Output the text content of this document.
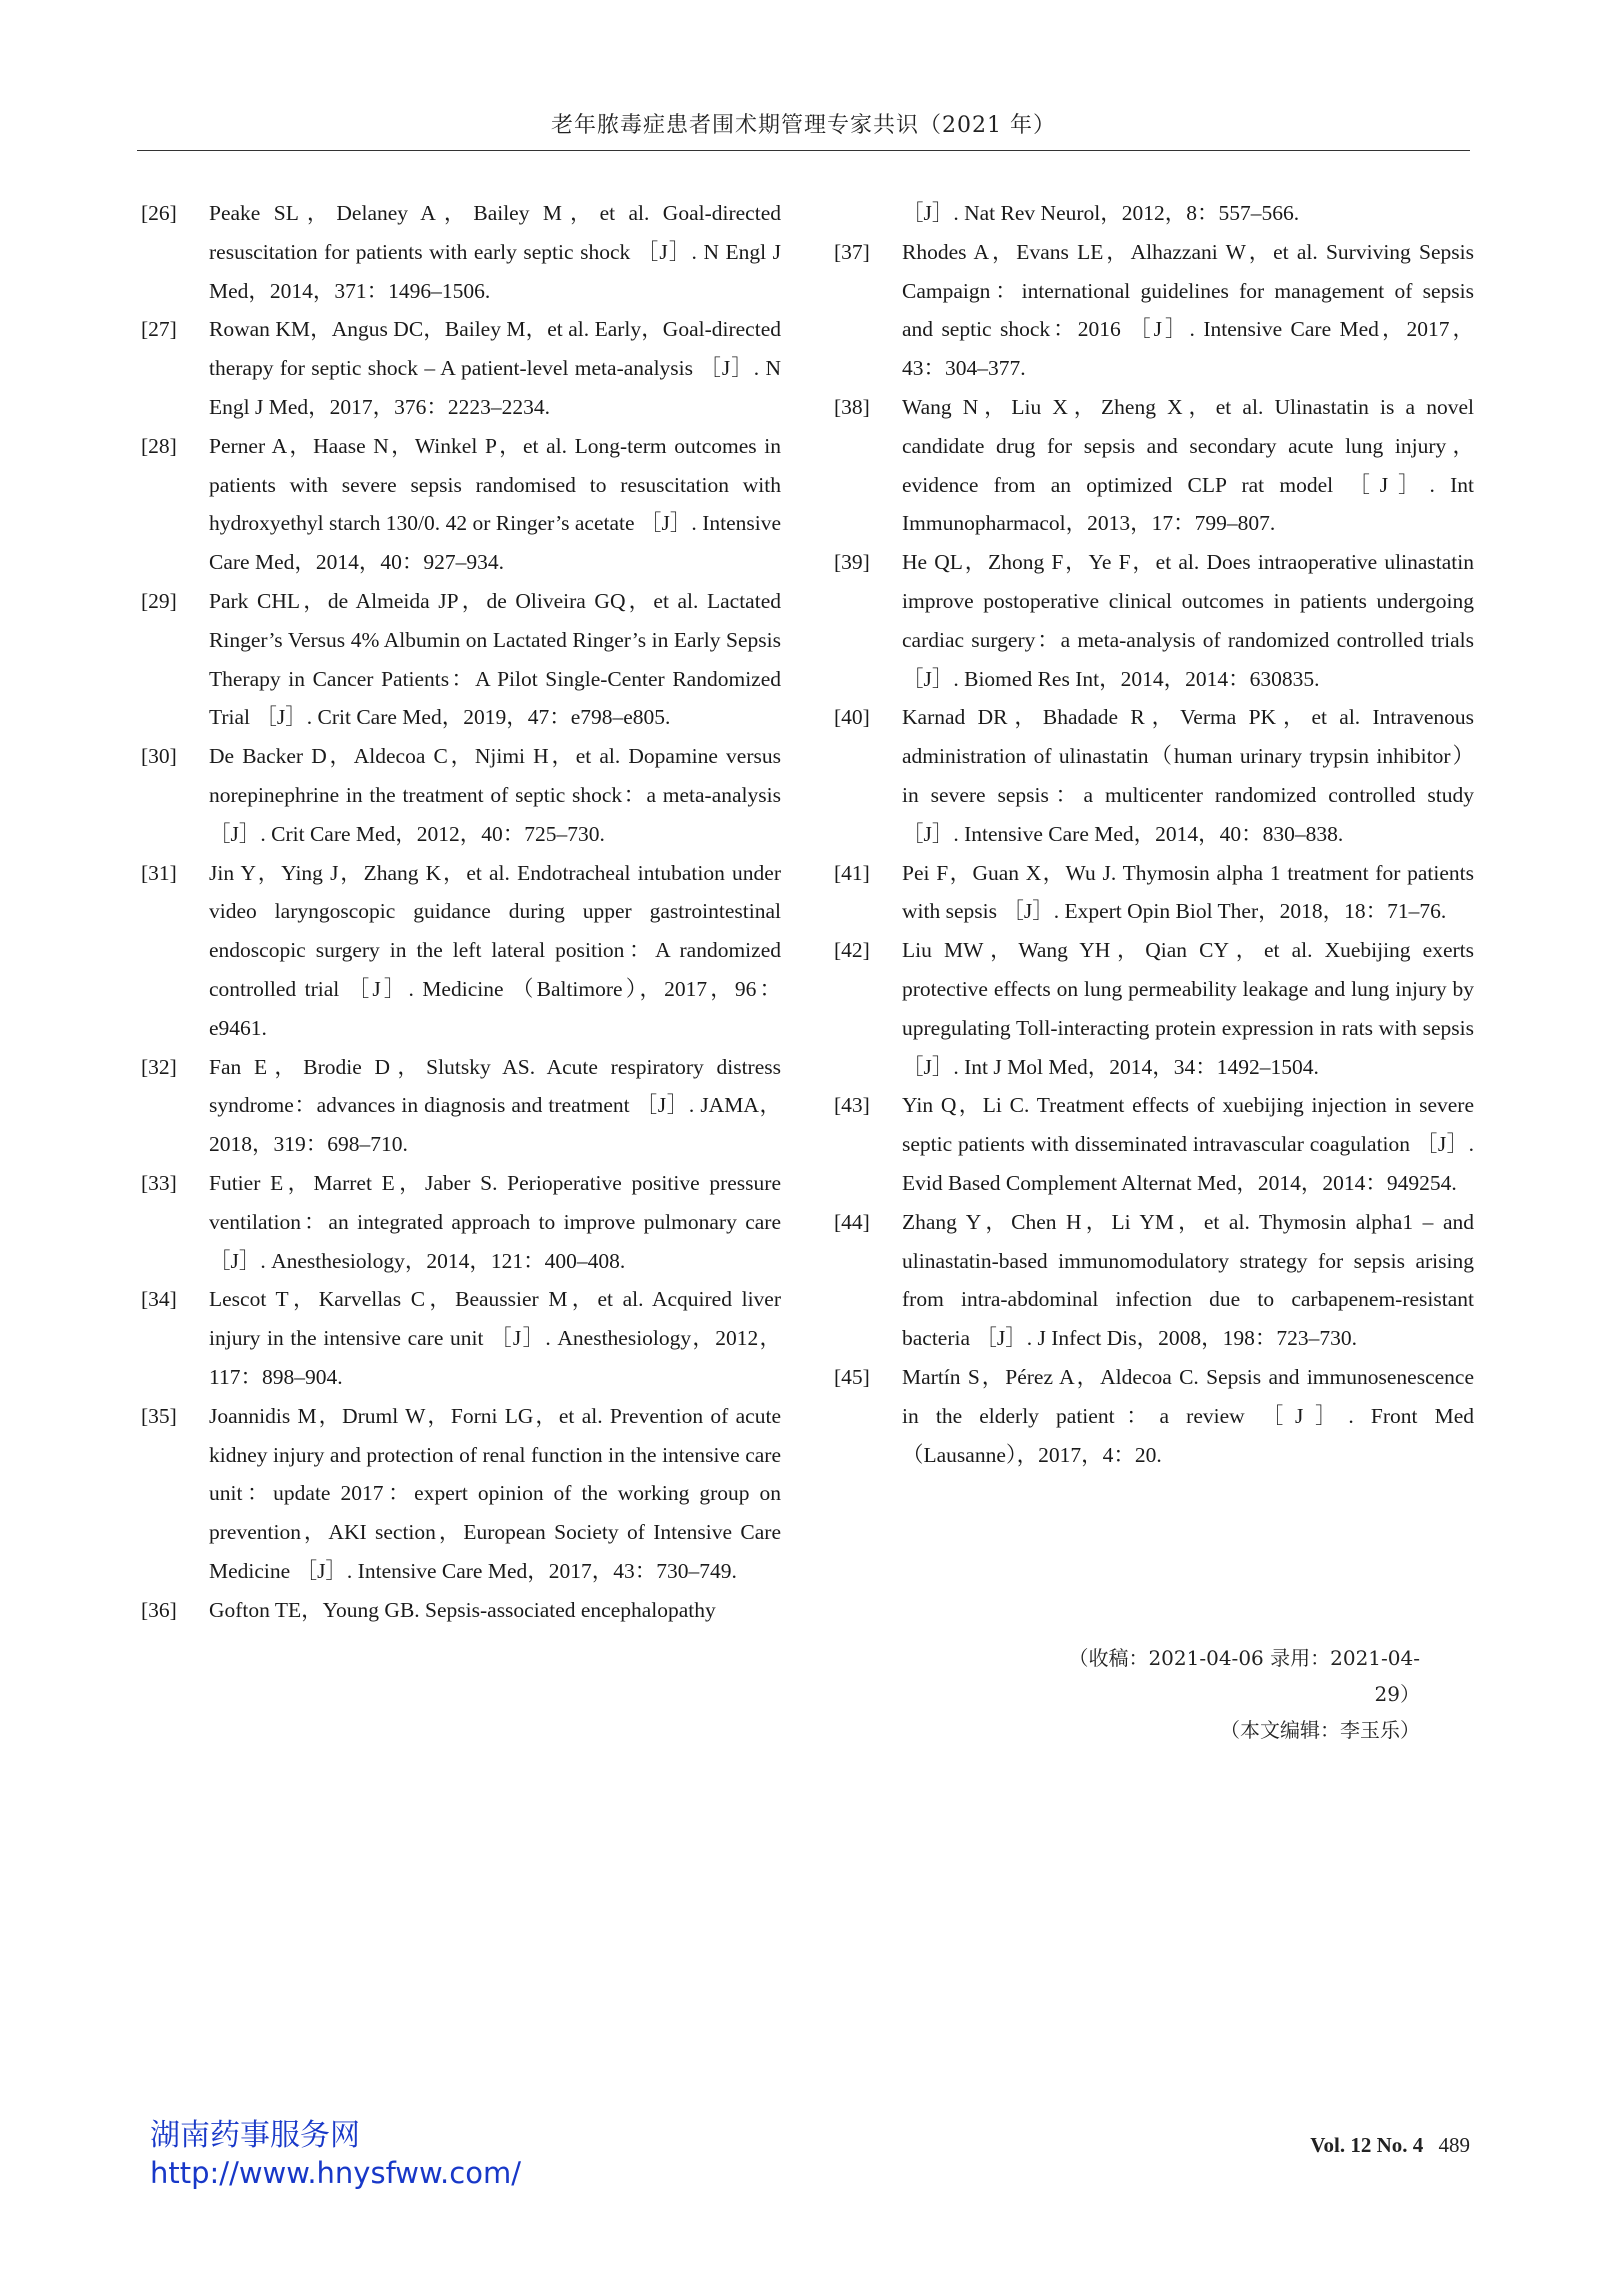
老年脓毒症患者围术期管理专家共识（2021 年）

[26] Peake SL，Delaney A，Bailey M，et al. Goal-directed resuscitation for patients with early septic shock ［J］. N Engl J Med，2014，371：1496–1506.

[27] Rowan KM，Angus DC，Bailey M，et al. Early，Goal-directed therapy for septic shock – A patient-level meta-analysis ［J］. N Engl J Med，2017，376：2223–2234.

[28] Perner A，Haase N，Winkel P，et al. Long-term outcomes in patients with severe sepsis randomised to resuscitation with hydroxyethyl starch 130/0. 42 or Ringer’s acetate ［J］. Intensive Care Med，2014，40：927–934.

[29] Park CHL，de Almeida JP，de Oliveira GQ，et al. Lactated Ringer’s Versus 4% Albumin on Lactated Ringer’s in Early Sepsis Therapy in Cancer Patients：A Pilot Single-Center Randomized Trial ［J］. Crit Care Med，2019，47：e798–e805.

[30] De Backer D，Aldecoa C，Njimi H，et al. Dopamine versus norepinephrine in the treatment of septic shock：a meta-analysis ［J］. Crit Care Med，2012，40：725–730.

[31] Jin Y，Ying J，Zhang K，et al. Endotracheal intubation under video laryngoscopic guidance during upper gastrointestinal endoscopic surgery in the left lateral position：A randomized controlled trial ［J］. Medicine （Baltimore），2017，96：e9461.

[32] Fan E，Brodie D，Slutsky AS. Acute respiratory distress syndrome：advances in diagnosis and treatment ［J］. JAMA，2018，319：698–710.

[33] Futier E，Marret E，Jaber S. Perioperative positive pressure ventilation：an integrated approach to improve pulmonary care ［J］. Anesthesiology，2014，121：400–408.

[34] Lescot T，Karvellas C，Beaussier M，et al. Acquired liver injury in the intensive care unit ［J］. Anesthesiology，2012，117：898–904.

[35] Joannidis M，Druml W，Forni LG，et al. Prevention of acute kidney injury and protection of renal function in the intensive care unit：update 2017：expert opinion of the working group on prevention，AKI section，European Society of Intensive Care Medicine ［J］. Intensive Care Med，2017，43：730–749.

[36] Gofton TE，Young GB. Sepsis-associated encephalopathy

［J］. Nat Rev Neurol，2012，8：557–566.

[37] Rhodes A，Evans LE，Alhazzani W，et al. Surviving Sepsis Campaign：international guidelines for management of sepsis and septic shock：2016 ［J］. Intensive Care Med，2017，43：304–377.

[38] Wang N，Liu X，Zheng X，et al. Ulinastatin is a novel candidate drug for sepsis and secondary acute lung injury，evidence from an optimized CLP rat model ［J］. Int Immunopharmacol，2013，17：799–807.

[39] He QL，Zhong F，Ye F，et al. Does intraoperative ulinastatin improve postoperative clinical outcomes in patients undergoing cardiac surgery：a meta-analysis of randomized controlled trials ［J］. Biomed Res Int，2014，2014：630835.

[40] Karnad DR，Bhadade R，Verma PK，et al. Intravenous administration of ulinastatin（human urinary trypsin inhibitor）in severe sepsis：a multicenter randomized controlled study ［J］. Intensive Care Med，2014，40：830–838.

[41] Pei F，Guan X，Wu J. Thymosin alpha 1 treatment for patients with sepsis ［J］. Expert Opin Biol Ther，2018，18：71–76.

[42] Liu MW，Wang YH，Qian CY，et al. Xuebijing exerts protective effects on lung permeability leakage and lung injury by upregulating Toll-interacting protein expression in rats with sepsis ［J］. Int J Mol Med，2014，34：1492–1504.

[43] Yin Q，Li C. Treatment effects of xuebijing injection in severe septic patients with disseminated intravascular coagulation ［J］. Evid Based Complement Alternat Med，2014，2014：949254.

[44] Zhang Y，Chen H，Li YM，et al. Thymosin alpha1 – and ulinastatin-based immunomodulatory strategy for sepsis arising from intra-abdominal infection due to carbapenem-resistant bacteria ［J］. J Infect Dis，2008，198：723–730.

[45] Martín S，Pérez A，Aldecoa C. Sepsis and immunosenescence in the elderly patient：a review ［J］. Front Med （Lausanne），2017，4：20.

（收稿：2021-04-06 录用：2021-04-29）
（本文编辑：李玉乐）
湖南药事服务网
http://www.hnysfww.com/
Vol. 12 No. 4 489
